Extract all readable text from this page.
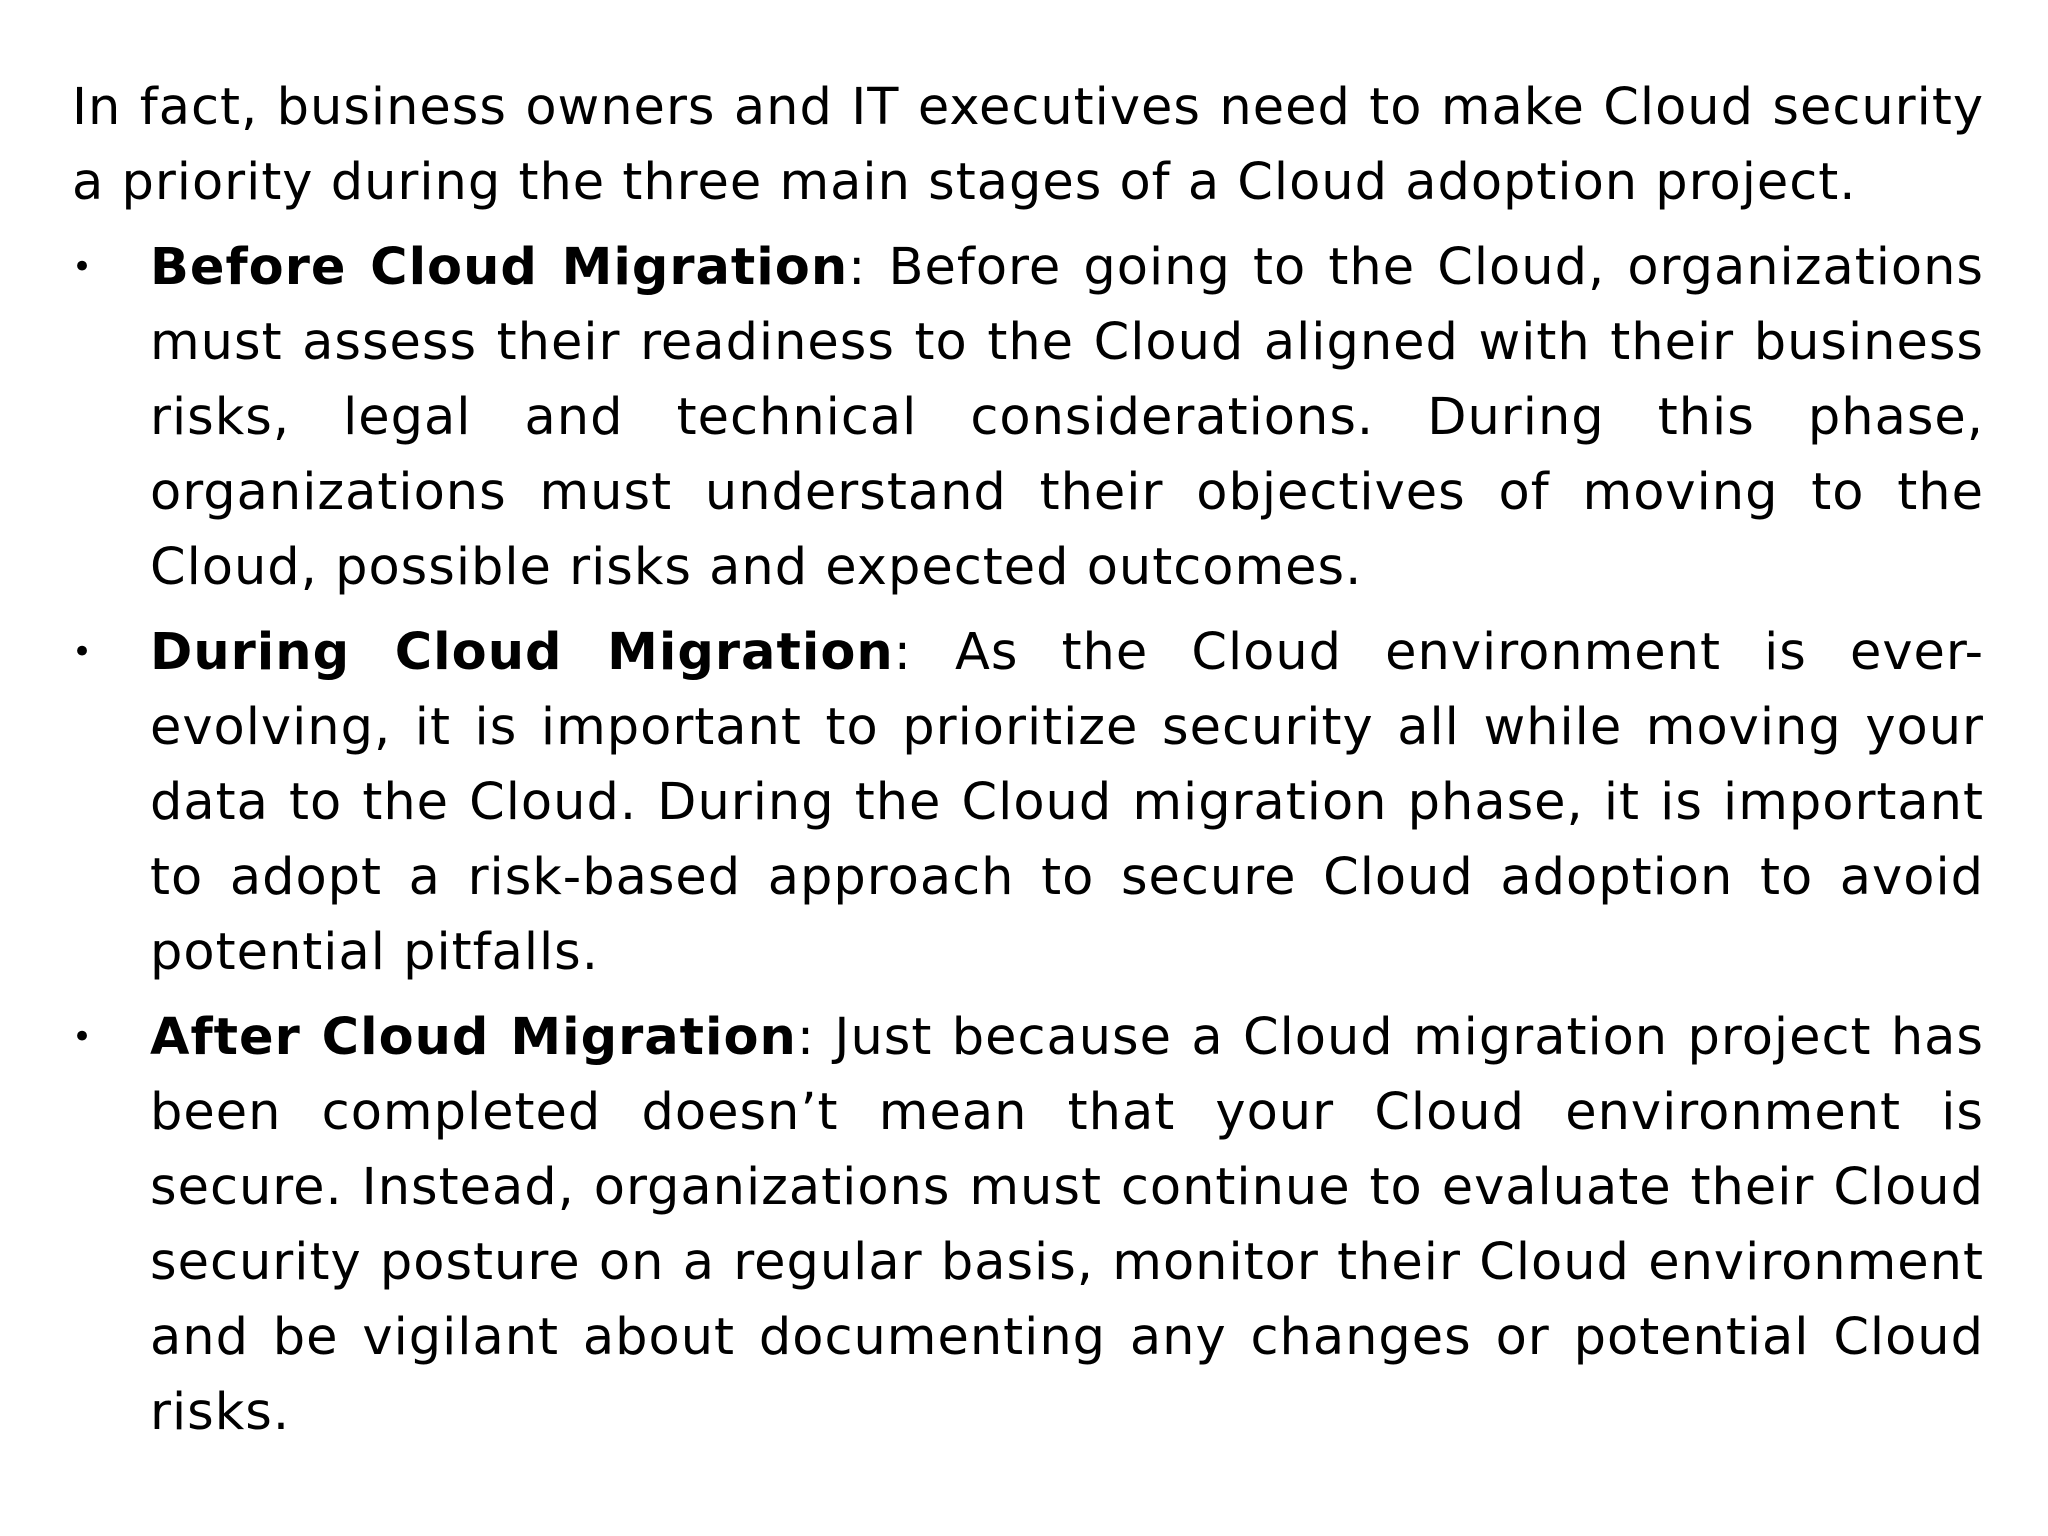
In fact, business owners and IT executives need to make Cloud security a priority during the three main stages of a Cloud adoption project.

• Before Cloud Migration: Before going to the Cloud, organizations must assess their readiness to the Cloud aligned with their business risks, legal and technical considerations. During this phase, organizations must understand their objectives of moving to the Cloud, possible risks and expected outcomes.
• During Cloud Migration: As the Cloud environment is ever-evolving, it is important to prioritize security all while moving your data to the Cloud. During the Cloud migration phase, it is important to adopt a risk-based approach to secure Cloud adoption to avoid potential pitfalls.
• After Cloud Migration: Just because a Cloud migration project has been completed doesn’t mean that your Cloud environment is secure. Instead, organizations must continue to evaluate their Cloud security posture on a regular basis, monitor their Cloud environment and be vigilant about documenting any changes or potential Cloud risks.
